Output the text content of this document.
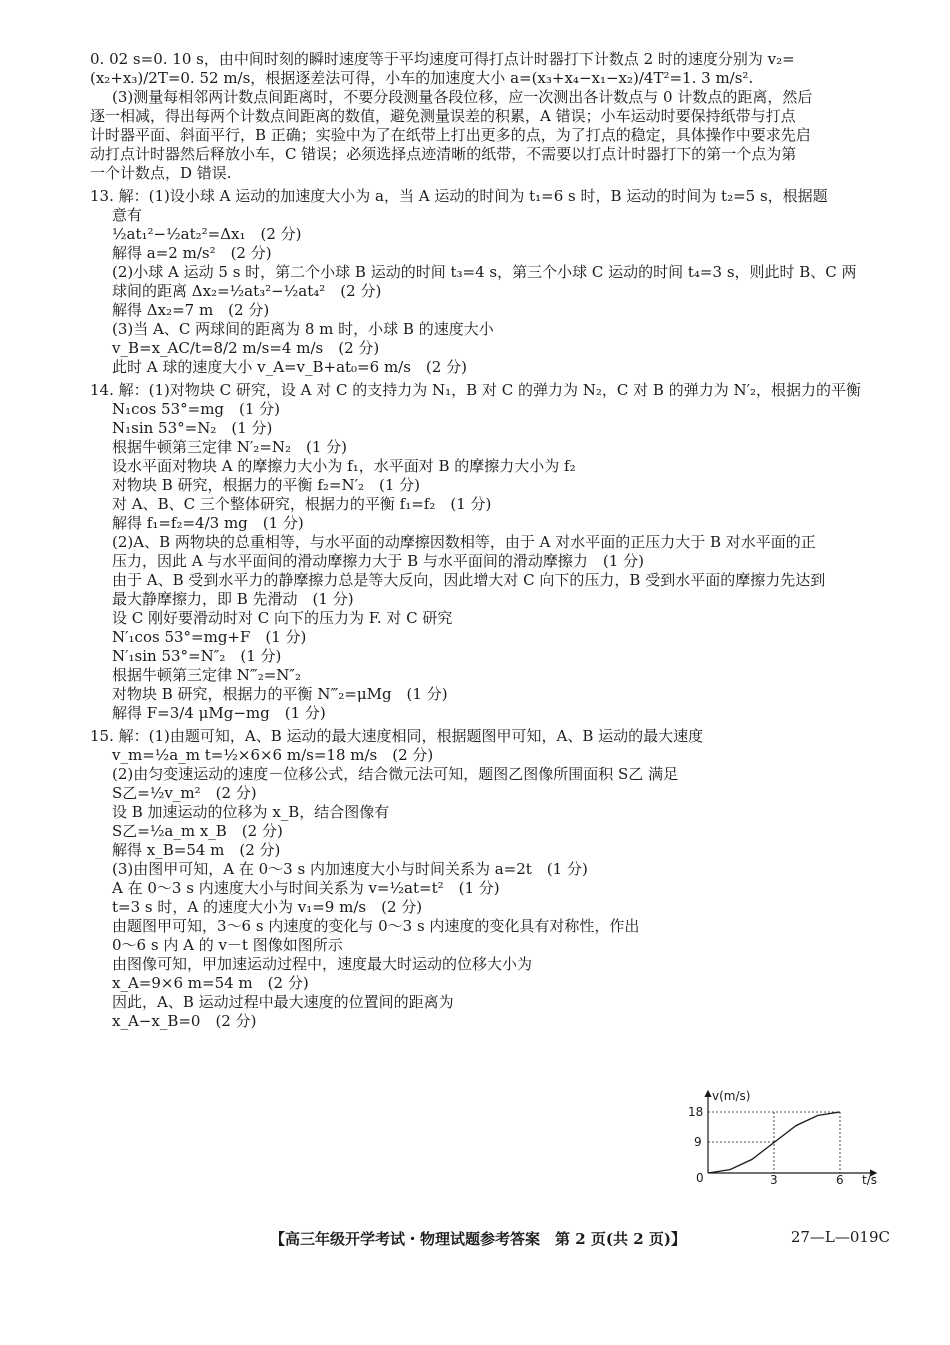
0. 02 s=0. 10 s，由中间时刻的瞬时速度等于平均速度可得打点计时器打下计数点 2 时的速度分别为 v₂=
(x₂+x₃)/2T=0. 52 m/s，根据逐差法可得，小车的加速度大小 a=(x₃+x₄−x₁−x₂)/4T²=1. 3 m/s².
(3)测量每相邻两计数点间距离时，不要分段测量各段位移，应一次测出各计数点与 0 计数点的距离，然后
逐一相减，得出每两个计数点间距离的数值，避免测量误差的积累，A 错误；小车运动时要保持纸带与打点
计时器平面、斜面平行，B 正确；实验中为了在纸带上打出更多的点，为了打点的稳定，具体操作中要求先启
动打点计时器然后释放小车，C 错误；必须选择点迹清晰的纸带，不需要以打点计时器打下的第一个点为第
一个计数点，D 错误.
13. 解：(1)设小球 A 运动的加速度大小为 a，当 A 运动的时间为 t₁=6 s 时，B 运动的时间为 t₂=5 s，根据题
意有
½at₁²−½at₂²=Δx₁　(2 分)
解得 a=2 m/s²　(2 分)
(2)小球 A 运动 5 s 时，第二个小球 B 运动的时间 t₃=4 s，第三个小球 C 运动的时间 t₄=3 s，则此时 B、C 两
球间的距离 Δx₂=½at₃²−½at₄²　(2 分)
解得 Δx₂=7 m　(2 分)
(3)当 A、C 两球间的距离为 8 m 时，小球 B 的速度大小
v_B=x_AC/t=8/2 m/s=4 m/s　(2 分)
此时 A 球的速度大小 v_A=v_B+at₀=6 m/s　(2 分)
14. 解：(1)对物块 C 研究，设 A 对 C 的支持力为 N₁，B 对 C 的弹力为 N₂，C 对 B 的弹力为 N′₂，根据力的平衡
N₁cos 53°=mg　(1 分)
N₁sin 53°=N₂　(1 分)
根据牛顿第三定律 N′₂=N₂　(1 分)
设水平面对物块 A 的摩擦力大小为 f₁，水平面对 B 的摩擦力大小为 f₂
对物块 B 研究，根据力的平衡 f₂=N′₂　(1 分)
对 A、B、C 三个整体研究，根据力的平衡 f₁=f₂　(1 分)
解得 f₁=f₂=4/3 mg　(1 分)
(2)A、B 两物块的总重相等，与水平面的动摩擦因数相等，由于 A 对水平面的正压力大于 B 对水平面的正
压力，因此 A 与水平面间的滑动摩擦力大于 B 与水平面间的滑动摩擦力　(1 分)
由于 A、B 受到水平力的静摩擦力总是等大反向，因此增大对 C 向下的压力，B 受到水平面的摩擦力先达到
最大静摩擦力，即 B 先滑动　(1 分)
设 C 刚好要滑动时对 C 向下的压力为 F. 对 C 研究
N′₁cos 53°=mg+F　(1 分)
N′₁sin 53°=N″₂　(1 分)
根据牛顿第三定律 N‴₂=N″₂
对物块 B 研究，根据力的平衡 N‴₂=μMg　(1 分)
解得 F=3/4 μMg−mg　(1 分)
15. 解：(1)由题可知，A、B 运动的最大速度相同，根据题图甲可知，A、B 运动的最大速度
v_m=½a_m t=½×6×6 m/s=18 m/s　(2 分)
(2)由匀变速运动的速度－位移公式，结合微元法可知，题图乙图像所围面积 S乙 满足
S乙=½v_m²　(2 分)
设 B 加速运动的位移为 x_B，结合图像有
S乙=½a_m x_B　(2 分)
解得 x_B=54 m　(2 分)
(3)由图甲可知，A 在 0～3 s 内加速度大小与时间关系为 a=2t　(1 分)
A 在 0～3 s 内速度大小与时间关系为 v=½at=t²　(1 分)
t=3 s 时，A 的速度大小为 v₁=9 m/s　(2 分)
由题图甲可知，3～6 s 内速度的变化与 0～3 s 内速度的变化具有对称性，作出
0～6 s 内 A 的 v－t 图像如图所示
由图像可知，甲加速运动过程中，速度最大时运动的位移大小为
x_A=9×6 m=54 m　(2 分)
因此，A、B 运动过程中最大速度的位置间的距离为
x_A−x_B=0　(2 分)
v(m/s)
t/s
18
9
0	3	6
【高三年级开学考试・物理试题参考答案　第 2 页(共 2 页)】	27—L—019C
